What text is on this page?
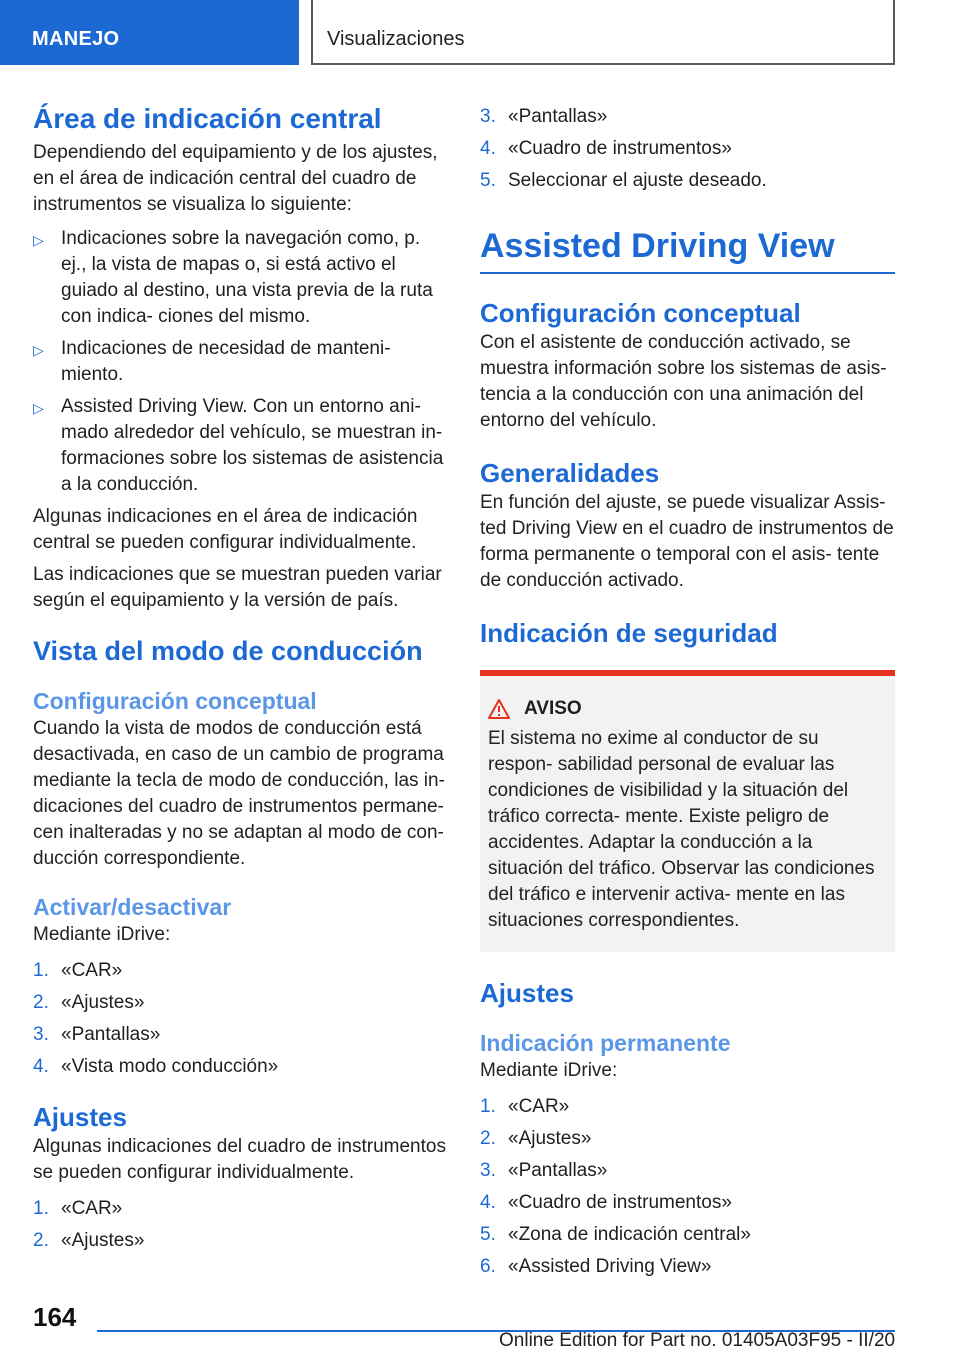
MANEJO	Visualizaciones
Área de indicación central
Dependiendo del equipamiento y de los ajustes, en el área de indicación central del cuadro de instrumentos se visualiza lo siguiente:
▷ Indicaciones sobre la navegación como, p. ej., la vista de mapas o, si está activo el guiado al destino, una vista previa de la ruta con indica- ciones del mismo.
▷ Indicaciones de necesidad de manteni- miento.
▷ Assisted Driving View. Con un entorno ani- mado alrededor del vehículo, se muestran in- formaciones sobre los sistemas de asistencia a la conducción.
Algunas indicaciones en el área de indicación central se pueden configurar individualmente.
Las indicaciones que se muestran pueden variar según el equipamiento y la versión de país.
Vista del modo de conducción
Configuración conceptual
Cuando la vista de modos de conducción está desactivada, en caso de un cambio de programa mediante la tecla de modo de conducción, las in- dicaciones del cuadro de instrumentos permane- cen inalteradas y no se adaptan al modo de con- ducción correspondiente.
Activar/desactivar
Mediante iDrive:
1. «CAR»
2. «Ajustes»
3. «Pantallas»
4. «Vista modo conducción»
Ajustes
Algunas indicaciones del cuadro de instrumentos se pueden configurar individualmente.
1. «CAR»
2. «Ajustes»
3. «Pantallas»
4. «Cuadro de instrumentos»
5. Seleccionar el ajuste deseado.
Assisted Driving View
Configuración conceptual
Con el asistente de conducción activado, se muestra información sobre los sistemas de asis- tencia a la conducción con una animación del entorno del vehículo.
Generalidades
En función del ajuste, se puede visualizar Assis- ted Driving View en el cuadro de instrumentos de forma permanente o temporal con el asis- tente de conducción activado.
Indicación de seguridad
AVISO
El sistema no exime al conductor de su respon- sabilidad personal de evaluar las condiciones de visibilidad y la situación del tráfico correcta- mente. Existe peligro de accidentes. Adaptar la conducción a la situación del tráfico. Observar las condiciones del tráfico e intervenir activa- mente en las situaciones correspondientes.
Ajustes
Indicación permanente
Mediante iDrive:
1. «CAR»
2. «Ajustes»
3. «Pantallas»
4. «Cuadro de instrumentos»
5. «Zona de indicación central»
6. «Assisted Driving View»
164
Online Edition for Part no. 01405A03F95 - II/20
